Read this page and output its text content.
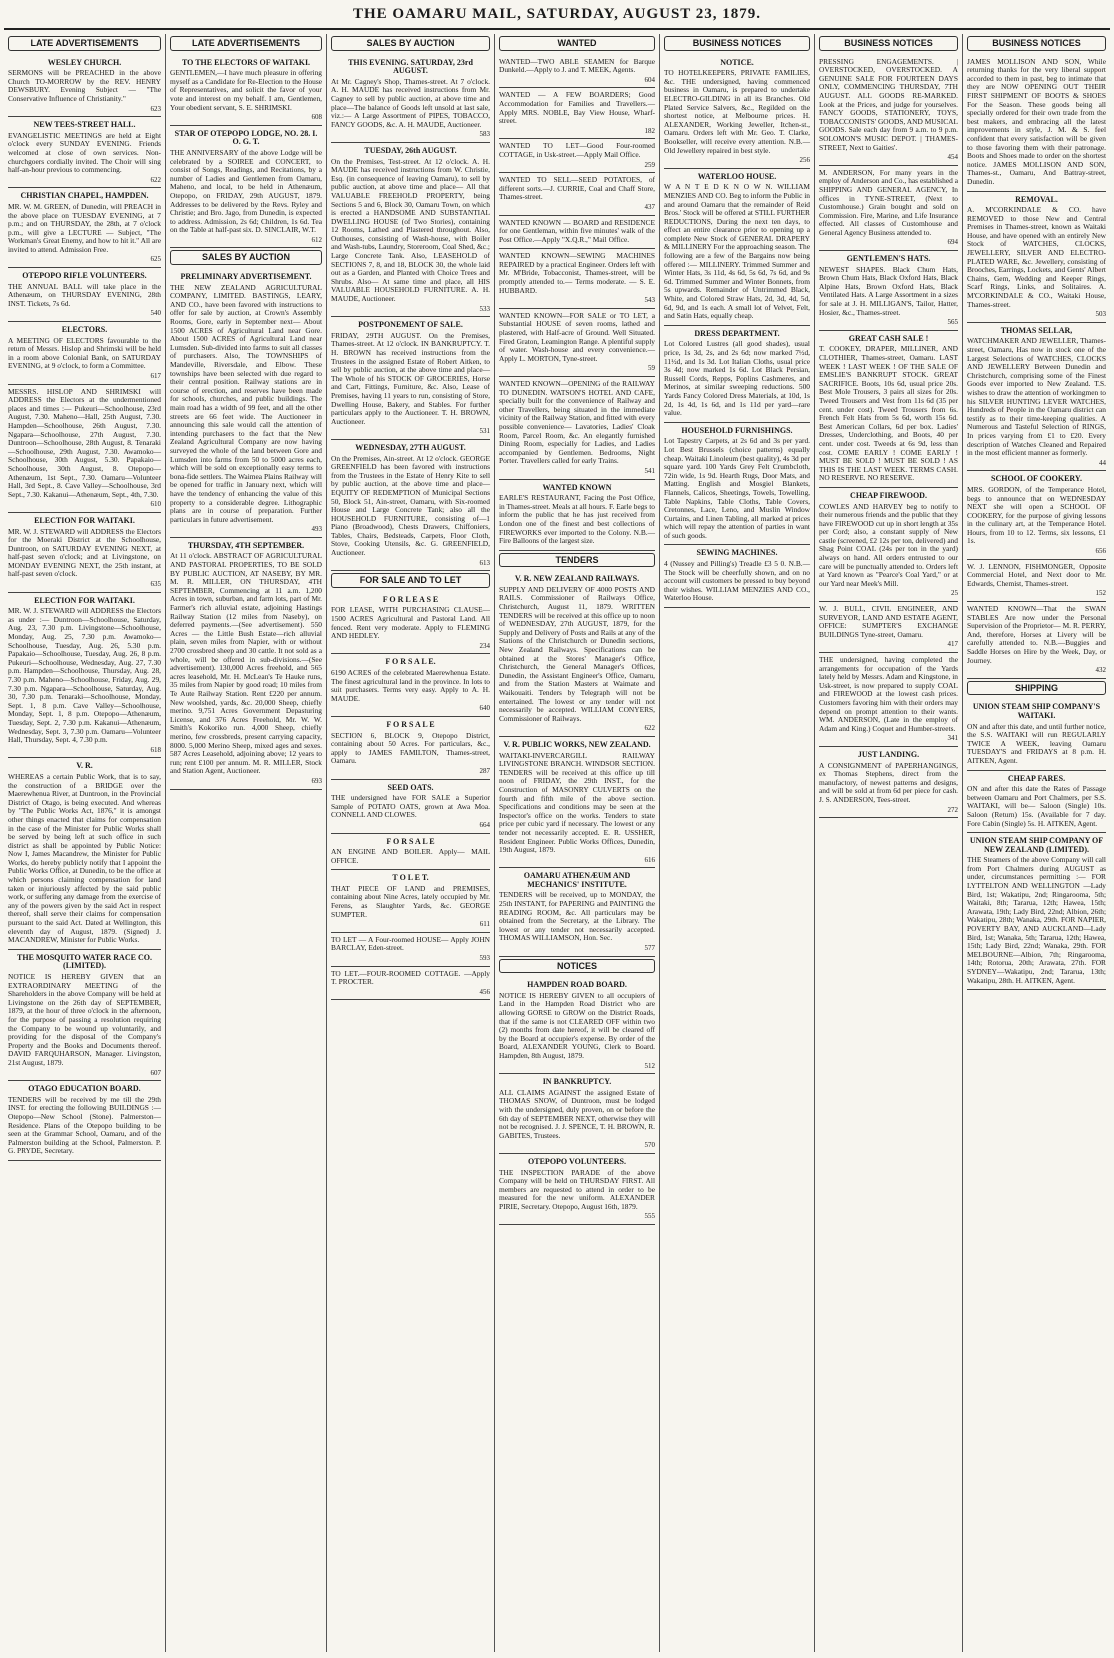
THE OAMARU MAIL, SATURDAY, AUGUST 23, 1879.
LATE ADVERTISEMENTS
WESLEY CHURCH.

SERMONS will be PREACHED in the above Church TO-MORROW by the REV. HENRY DEWSBURY. Evening Subject — "The Conservative Influence of Christianity."

623
NEW TEES-STREET HALL.

EVANGELISTIC MEETINGS are held at Eight o'clock every SUNDAY EVENING. Friends welcomed at close of own services. Non-churchgoers cordially invited. The Choir will sing half-an-hour previous to commencing.

622
CHRISTIAN CHAPEL, HAMPDEN.

MR. W. M. GREEN, of Dunedin, will PREACH in the above place on TUESDAY EVENING, at 7 p.m.; and on THURSDAY, the 28th, at 7 o'clock p.m., will give a LECTURE — Subject, "The Workman's Great Enemy, and how to hit it." All are invited to attend. Admission Free.

625
OTEPOPO RIFLE VOLUNTEERS.

THE ANNUAL BALL will take place in the Athenæum, on THURSDAY EVENING, 28th INST. Tickets, 7s 6d.

540
ELECTORS.

A MEETING OF ELECTORS favourable to the return of Messrs. Hislop and Shrimski will be held in a room above Colonial Bank, on SATURDAY EVENING, at 9 o'clock, to form a Committee.

617

MESSRS. HISLOP AND SHRIMSKI will ADDRESS the Electors at the undermentioned places and times :— Pukeuri—Schoolhouse, 23rd August, 7.30. Maheno—Hall, 25th August, 7.30. Hampden—Schoolhouse, 26th August, 7.30. Ngapara—Schoolhouse, 27th August, 7.30. Duntroon—Schoolhouse, 28th August, 8. Tenaraki—Schoolhouse, 29th August, 7.30. Awamoko—Schoolhouse, 30th August, 5.30. Papakaio—Schoolhouse, 30th August, 8. Otepopo—Athenæum, 1st Sept., 7.30. Oamaru—Volunteer Hall, 3rd Sept., 8. Cave Valley—Schoolhouse, 3rd Sept., 7.30. Kakanui—Athenæum, Sept., 4th, 7.30.

610
ELECTION FOR WAITAKI.

MR. W. J. STEWARD will ADDRESS the Electors for the Moeraki District at the Schoolhouse, Duntroon, on SATURDAY EVENING NEXT, at half-past seven o'clock; and at Livingstone, on MONDAY EVENING NEXT, the 25th instant, at half-past seven o'clock.

635
ELECTION FOR WAITAKI.

MR. W. J. STEWARD will ADDRESS the Electors as under :— Duntroon—Schoolhouse, Saturday, Aug. 23, 7.30 p.m. Livingstone—Schoolhouse, Monday, Aug. 25, 7.30 p.m. Awamoko—Schoolhouse, Tuesday, Aug. 26, 5.30 p.m. Papakaio—Schoolhouse, Tuesday, Aug. 26, 8 p.m. Pukeuri—Schoolhouse, Wednesday, Aug. 27, 7.30 p.m. Hampden—Schoolhouse, Thursday, Aug. 28, 7.30 p.m. Maheno—Schoolhouse, Friday, Aug. 29, 7.30 p.m. Ngapara—Schoolhouse, Saturday, Aug. 30, 7.30 p.m. Tenaraki—Schoolhouse, Monday, Sept. 1, 8 p.m. Cave Valley—Schoolhouse, Monday, Sept. 1, 8 p.m. Otepopo—Athenæum, Tuesday, Sept. 2, 7.30 p.m. Kakanui—Athenæum, Wednesday, Sept. 3, 7.30 p.m. Oamaru—Volunteer Hall, Thursday, Sept. 4, 7.30 p.m.

618
V. R.

WHEREAS a certain Public Work, that is to say, the construction of a BRIDGE over the Maerewhenua River, at Duntroon, in the Provincial District of Otago, is being executed. And whereas by "The Public Works Act, 1876," it is amongst other things enacted that claims for compensation in the case of the Minister for Public Works shall be served by being left at such office in such district as shall be appointed by Public Notice: Now I, James Macandrew, the Minister for Public Works, do hereby publicly notify that I appoint the Public Works Office, at Dunedin, to be the office at which persons claiming compensation for land taken or injuriously affected by the said public work, or suffering any damage from the exercise of any of the powers given by the said Act in respect thereof, shall serve their claims for compensation pursuant to the said Act. Dated at Wellington, this eleventh day of August, 1879. (Signed) J. MACANDREW, Minister for Public Works.

THE MOSQUITO WATER RACE CO. (LIMITED).

NOTICE IS HEREBY GIVEN that an EXTRAORDINARY MEETING of the Shareholders in the above Company will be held at Livingstone on the 26th day of SEPTEMBER, 1879, at the hour of three o'clock in the afternoon, for the purpose of passing a resolution requiring the Company to be wound up voluntarily, and providing for the disposal of the Company's Property and the Books and Documents thereof. DAVID FARQUHARSON, Manager. Livingston, 21st August, 1879.

607
OTAGO EDUCATION BOARD.

TENDERS will be received by me till the 29th INST. for erecting the following BUILDINGS :— Otepopo—New School (Stone). Palmerston—Residence. Plans of the Otepopo building to be seen at the Grammar School, Oamaru, and of the Palmerston building at the School, Palmerston. P. G. PRYDE, Secretary.

LATE ADVERTISEMENTS
TO THE ELECTORS OF WAITAKI.

GENTLEMEN,—I have much pleasure in offering myself as a Candidate for Re-Election to the House of Representatives, and solicit the favor of your vote and interest on my behalf. I am, Gentlemen, Your obedient servant, S. E. SHRIMSKI.

608
STAR OF OTEPOPO LODGE, NO. 28. I. O. G. T.

THE ANNIVERSARY of the above Lodge will be celebrated by a SOIREE and CONCERT, to consist of Songs, Readings, and Recitations, by a number of Ladies and Gentlemen from Oamaru, Maheno, and local, to be held in Athenæum, Otepopo, on FRIDAY, 29th AUGUST, 1879. Addresses to be delivered by the Revs. Ryley and Christie; and Bro. Jago, from Dunedin, is expected to address. Admission, 2s 6d; Children, 1s 6d. Tea on the Table at half-past six. D. SINCLAIR, W.T.

612
SALES BY AUCTION
PRELIMINARY ADVERTISEMENT.

THE NEW ZEALAND AGRICULTURAL COMPANY, LIMITED. BASTINGS, LEARY, AND CO., have been favored with instructions to offer for sale by auction, at Crown's Assembly Rooms, Gore, early in September next— About 1500 ACRES of Agricultural Land near Gore. About 1500 ACRES of Agricultural Land near Lumsden. Sub-divided into farms to suit all classes of purchasers. Also, The TOWNSHIPS of Mandeville, Riversdale, and Elbow. These townships have been selected with due regard to their central position. Railway stations are in course of erection, and reserves have been made for schools, churches, and public buildings. The main road has a width of 99 feet, and all the other streets are 66 feet wide. The Auctioneer in announcing this sale would call the attention of intending purchasers to the fact that the New Zealand Agricultural Company are now having surveyed the whole of the land between Gore and Lumsden into farms from 50 to 5000 acres each, which will be sold on exceptionally easy terms to bona-fide settlers. The Waimea Plains Railway will be opened for traffic in January next, which will have the tendency of enhancing the value of this property to a considerable degree. Lithographic plans are in course of preparation. Further particulars in future advertisement.

493
THURSDAY, 4TH SEPTEMBER.

At 11 o'clock. ABSTRACT OF AGRICULTURAL AND PASTORAL PROPERTIES, TO BE SOLD BY PUBLIC AUCTION, AT NASEBY, BY MR. M. R. MILLER, ON THURSDAY, 4TH SEPTEMBER, Commencing at 11 a.m. 1,200 Acres in town, suburban, and farm lots, part of Mr. Farmer's rich alluvial estate, adjoining Hastings Railway Station (12 miles from Naseby), on deferred payments.—(See advertisement). 550 Acres — the Little Bush Estate—rich alluvial plain, seven miles from Napier, with or without 2700 crossbred sheep and 30 cattle. It not sold as a whole, will be offered in sub-divisions.—(See advertisement). 130,000 Acres freehold, and 565 acres leasehold, Mr. H. McLean's Te Hauke runs, 35 miles from Napier by good road; 10 miles from Te Aute Railway Station. Rent £220 per annum. New woolshed, yards, &c. 20,000 Sheep, chiefly merino. 9,751 Acres Government Depasturing License, and 376 Acres Freehold, Mr. W. W. Smith's Kokoriko run. 4,000 Sheep, chiefly merino, few crossbreds, present carrying capacity, 8000. 5,000 Merino Sheep, mixed ages and sexes. 587 Acres Leasehold, adjoining above; 12 years to run; rent £100 per annum. M. R. MILLER, Stock and Station Agent, Auctioneer.

693
SALES BY AUCTION
THIS EVENING. SATURDAY, 23rd AUGUST.

At Mr. Cagney's Shop, Thames-street. At 7 o'clock. A. H. MAUDE has received instructions from Mr. Cagney to sell by public auction, at above time and place—The balance of Goods left unsold at last sale, viz.:— A Large Assortment of PIPES, TOBACCO, FANCY GOODS, &c. A. H. MAUDE, Auctioneer.

583
TUESDAY, 26th AUGUST.

On the Premises, Test-street. At 12 o'clock. A. H. MAUDE has received instructions from W. Christie, Esq. (in consequence of leaving Oamaru), to sell by public auction, at above time and place— All that VALUABLE FREEHOLD PROPERTY, being Sections 5 and 6, Block 30, Oamaru Town, on which is erected a HANDSOME AND SUBSTANTIAL DWELLING HOUSE (of Two Stories), containing 12 Rooms, Lathed and Plastered throughout. Also, Outhouses, consisting of Wash-house, with Boiler and Wash-tubs, Laundry, Storeroom, Coal Shed, &c.; Large Concrete Tank. Also, LEASEHOLD of SECTIONS 7, 8, and 18, BLOCK 30, the whole laid out as a Garden, and Planted with Choice Trees and Shrubs. Also— At same time and place, all HIS VALUABLE HOUSEHOLD FURNITURE. A. H. MAUDE, Auctioneer.

533
POSTPONEMENT OF SALE.

FRIDAY, 29TH AUGUST. On the Premises, Thames-street. At 12 o'clock. IN BANKRUPTCY. T. H. BROWN has received instructions from the Trustees in the assigned Estate of Robert Aitken, to sell by public auction, at the above time and place— The Whole of his STOCK OF GROCERIES, Horse and Cart, Fittings, Furniture, &c. Also, Lease of Premises, having 11 years to run, consisting of Store, Dwelling House, Bakery, and Stables. For further particulars apply to the Auctioneer. T. H. BROWN, Auctioneer.

531
WEDNESDAY, 27TH AUGUST.

On the Premises, Ain-street. At 12 o'clock. GEORGE GREENFIELD has been favored with instructions from the Trustees in the Estate of Henry Kite to sell by public auction, at the above time and place— EQUITY OF REDEMPTION of Municipal Sections 50, Block 51, Ain-street, Oamaru, with Six-roomed House and Large Concrete Tank; also all the HOUSEHOLD FURNITURE, consisting of—1 Piano (Broadwood), Chests Drawers, Chiffoniers, Tables, Chairs, Bedsteads, Carpets, Floor Cloth, Stove, Cooking Utensils, &c. G. GREENFIELD, Auctioneer.

613
FOR SALE AND TO LET
F O R L E A S E

FOR LEASE, WITH PURCHASING CLAUSE— 1500 ACRES Agricultural and Pastoral Land. All fenced. Rent very moderate. Apply to FLEMING AND HEDLEY.

234
F O R S A L E.

6190 ACRES of the celebrated Maerewhenua Estate. The finest agricultural land in the province. In lots to suit purchasers. Terms very easy. Apply to A. H. MAUDE.

640
F O R S A L E

SECTION 6, BLOCK 9, Otepopo District, containing about 50 Acres. For particulars, &c., apply to JAMES FAMILTON, Thames-street, Oamaru.

287
SEED OATS.

THE undersigned have FOR SALE a Superior Sample of POTATO OATS, grown at Awa Moa. CONNELL AND CLOWES.

664
F O R S A L E

AN ENGINE AND BOILER. Apply— MAIL OFFICE.

T O L E T.

THAT PIECE OF LAND and PREMISES, containing about Nine Acres, lately occupied by Mr. Ferens, as Slaughter Yards, &c. GEORGE SUMPTER.

611

TO LET — A Four-roomed HOUSE— Apply JOHN BARCLAY, Eden-street.

593

TO LET.—FOUR-ROOMED COTTAGE. —Apply T. PROCTER.

456
WANTED

WANTED—TWO ABLE SEAMEN for Barque Dunkeld.—Apply to J. and T. MEEK, Agents.

604

WANTED — A FEW BOARDERS; Good Accommodation for Families and Travellers.—Apply MRS. NOBLE, Bay View House, Wharf-street.

182

WANTED TO LET—Good Four-roomed COTTAGE, in Usk-street.—Apply Mail Office.

259

WANTED TO SELL—SEED POTATOES, of different sorts.—J. CURRIE, Coal and Chaff Store, Thames-street.

437

WANTED KNOWN — BOARD and RESIDENCE for one Gentleman, within five minutes' walk of the Post Office.—Apply "X.Q.R.," Mail Office.

WANTED KNOWN—SEWING MACHINES REPAIRED by a practical Engineer. Orders left with Mr. M'Bride, Tobacconist, Thames-street, will be promptly attended to.— Terms moderate. — S. E. HUBBARD.

543

WANTED KNOWN—FOR SALE or TO LET, a Substantial HOUSE of seven rooms, lathed and plastered, with Half-acre of Ground. Well Situated. Fired Graton, Leamington Range. A plentiful supply of water. Wash-house and every convenience.—Apply L. MORTON, Tyne-street.

59

WANTED KNOWN—OPENING of the RAILWAY TO DUNEDIN. WATSON'S HOTEL AND CAFE, specially built for the convenience of Railway and other Travellers, being situated in the immediate vicinity of the Railway Station, and fitted with every possible convenience— Lavatories, Ladies' Cloak Room, Parcel Room, &c. An elegantly furnished Dining Room, especially for Ladies, and Ladies accompanied by Gentlemen. Bedrooms, Night Porter. Travellers called for early Trains.

541
WANTED KNOWN

EARLE'S RESTAURANT, Facing the Post Office, in Thames-street. Meals at all hours. F. Earle begs to inform the public that he has just received from London one of the finest and best collections of FIREWORKS ever imported to the Colony. N.B.—Fire Balloons of the largest size.

TENDERS
V. R. NEW ZEALAND RAILWAYS.

SUPPLY AND DELIVERY OF 4000 POSTS AND RAILS. Commissioner of Railways Office, Christchurch, August 11, 1879. WRITTEN TENDERS will be received at this office up to noon of WEDNESDAY, 27th AUGUST, 1879, for the Supply and Delivery of Posts and Rails at any of the Stations of the Christchurch or Dunedin sections, New Zealand Railways. Specifications can be obtained at the Stores' Manager's Office, Christchurch, the General Manager's Offices, Dunedin, the Assistant Engineer's Office, Oamaru, and from the Station Masters at Waimate and Waikouaiti. Tenders by Telegraph will not be entertained. The lowest or any tender will not necessarily be accepted. WILLIAM CONYERS, Commissioner of Railways.

622
V. R. PUBLIC WORKS, NEW ZEALAND.

WAITAKI-INVERCARGILL RAILWAY LIVINGSTONE BRANCH. WINDSOR SECTION. TENDERS will be received at this office up till noon of FRIDAY, the 29th INST., for the Construction of MASONRY CULVERTS on the fourth and fifth mile of the above section. Specifications and conditions may be seen at the Inspector's office on the works. Tenders to state price per cubic yard if necessary. The lowest or any tender not necessarily accepted. E. R. USSHER, Resident Engineer. Public Works Offices, Dunedin, 19th August, 1879.

616
OAMARU ATHENÆUM AND MECHANICS' INSTITUTE.

TENDERS will be received, up to MONDAY, the 25th INSTANT, for PAPERING and PAINTING the READING ROOM, &c. All particulars may be obtained from the Secretary, at the Library. The lowest or any tender not necessarily accepted. THOMAS WILLIAMSON, Hon. Sec.

577
NOTICES
HAMPDEN ROAD BOARD.

NOTICE IS HEREBY GIVEN to all occupiers of Land in the Hampden Road District who are allowing GORSE to GROW on the District Roads, that if the same is not CLEARED OFF within two (2) months from date hereof, it will be cleared off by the Board at occupier's expense. By order of the Board, ALEXANDER YOUNG, Clerk to Board. Hampden, 8th August, 1879.

512
IN BANKRUPTCY.

ALL CLAIMS AGAINST the assigned Estate of THOMAS SNOW, of Duntroon, must be lodged with the undersigned, duly proven, on or before the 6th day of SEPTEMBER NEXT, otherwise they will not be recognised. J. J. SPENCE, T. H. BROWN, R. GABITES, Trustees.

570
OTEPOPO VOLUNTEERS.

THE INSPECTION PARADE of the above Company will be held on THURSDAY FIRST. All members are requested to attend in order to be measured for the new uniform. ALEXANDER PIRIE, Secretary. Otepopo, August 16th, 1879.

555
BUSINESS NOTICES
NOTICE.

TO HOTELKEEPERS, PRIVATE FAMILIES, &c. THE undersigned, having commenced business in Oamaru, is prepared to undertake ELECTRO-GILDING in all its Branches. Old Plated Service Salvers, &c., Regilded on the shortest notice, at Melbourne prices. H. ALEXANDER, Working Jeweller, Itchen-st., Oamaru. Orders left with Mr. Geo. T. Clarke, Bookseller, will receive every attention. N.B.—Old Jewellery repaired in best style.

256
WATERLOO HOUSE.

W A N T E D K N O W N. WILLIAM MENZIES AND CO. Beg to inform the Public in and around Oamaru that the remainder of Reid Bros.' Stock will be offered at STILL FURTHER REDUCTIONS, During the next ten days, to effect an entire clearance prior to opening up a complete New Stock of GENERAL DRAPERY & MILLINERY For the approaching season. The following are a few of the Bargains now being offered :— MILLINERY. Trimmed Summer and Winter Hats, 3s 11d, 4s 6d, 5s 6d, 7s 6d, and 9s 6d. Trimmed Summer and Winter Bonnets, from 5s upwards. Remainder of Untrimmed Black, White, and Colored Straw Hats, 2d, 3d, 4d, 5d, 6d, 9d, and 1s each. A small lot of Velvet, Felt, and Satin Hats, equally cheap.

DRESS DEPARTMENT.

Lot Colored Lustres (all good shades), usual price, 1s 3d, 2s, and 2s 6d; now marked 7½d, 11½d, and 1s 3d. Lot Italian Cloths, usual price 3s 4d; now marked 1s 6d. Lot Black Persian, Russell Cords, Repps, Poplins Cashmeres, and Merinos, at similar sweeping reductions. 500 Yards Fancy Colored Dress Materials, at 10d, 1s 2d, 1s 4d, 1s 6d, and 1s 11d per yard—rare value.

HOUSEHOLD FURNISHINGS.

Lot Tapestry Carpets, at 2s 6d and 3s per yard. Lot Best Brussels (choice patterns) equally cheap. Waitaki Linoleum (best quality), 4s 3d per square yard. 100 Yards Grey Felt Crumbcloth, 72in wide, 1s 9d. Hearth Rugs, Door Mats, and Matting. English and Mosgiel Blankets, Flannels, Calicos, Sheetings, Towels, Towelling, Table Napkins, Table Cloths, Table Covers, Cretonnes, Lace, Leno, and Muslin Window Curtains, and Linen Tabling, all marked at prices which will repay the attention of parties in want of such goods.

SEWING MACHINES.

4 (Nussey and Pilling's) Treadle £3 5 0. N.B.—The Stock will be cheerfully shown, and on no account will customers be pressed to buy beyond their wishes. WILLIAM MENZIES AND CO., Waterloo House.

BUSINESS NOTICES

PRESSING ENGAGEMENTS. | OVERSTOCKED, OVERSTOCKED. A GENUINE SALE FOR FOURTEEN DAYS ONLY, COMMENCING THURSDAY, 7TH AUGUST. ALL GOODS RE-MARKED. Look at the Prices, and judge for yourselves. FANCY GOODS, STATIONERY, TOYS, TOBACCONISTS' GOODS, AND MUSICAL GOODS. Sale each day from 9 a.m. to 9 p.m. SOLOMON'S MUSIC DEPOT. | THAMES-STREET, Next to Gaities'.

454

M. ANDERSON, For many years in the employ of Anderson and Co., has established a SHIPPING AND GENERAL AGENCY, In offices in TYNE-STREET, (Next to Customhouse.) Grain bought and sold on Commission. Fire, Marine, and Life Insurance effected. All classes of Customhouse and General Agency Business attended to.

694
GENTLEMEN'S HATS.

NEWEST SHAPES. Black Chum Hats, Brown Chum Hats, Black Oxford Hats, Black Alpine Hats, Brown Oxford Hats, Black Ventilated Hats. A Large Assortment in a sizes for sale at J. H. MILLIGAN'S, Tailor, Hatter, Hosier, &c., Thames-street.

565
GREAT CASH SALE !

T. COOKEY, DRAPER, MILLINER, AND CLOTHIER, Thames-street, Oamaru. LAST WEEK ! LAST WEEK ! OF THE SALE OF EMSLIE'S BANKRUPT STOCK. GREAT SACRIFICE. Boots, 10s 6d, usual price 20s. Best Mole Trousers, 3 pairs all sizes for 20s. Tweed Trousers and Vest from 11s 6d (35 per cent. under cost). Tweed Trousers from 6s. French Felt Hats from 5s 6d, worth 15s 6d. Best American Collars, 6d per box. Ladies' Dresses, Underclothing, and Boots, 40 per cent. under cost. Tweeds at 6s 9d, less than cost. COME EARLY ! COME EARLY ! MUST BE SOLD ! MUST BE SOLD ! AS THIS IS THE LAST WEEK. TERMS CASH. NO RESERVE. NO RESERVE.

CHEAP FIREWOOD.

COWLES AND HARVEY beg to notify to their numerous friends and the public that they have FIREWOOD cut up in short length at 35s per Cord; also, a constant supply of New castle (screened, £2 12s per ton, delivered) and Shag Point COAL (24s per ton in the yard) always on hand. All orders entrusted to our care will be punctually attended to. Orders left at Yard known as "Pearce's Coal Yard," or at our Yard near Meek's Mill.

25

W. J. BULL, CIVIL ENGINEER, AND SURVEYOR, LAND AND ESTATE AGENT, OFFICE: SUMPTER'S EXCHANGE BUILDINGS Tyne-street, Oamaru.

417

THE undersigned, having completed the arrangements for occupation of the Yards lately held by Messrs. Adam and Kingstone, in Usk-street, is now prepared to supply COAL and FIREWOOD at the lowest cash prices. Customers favoring him with their orders may depend on prompt attention to their wants. WM. ANDERSON, (Late in the employ of Adam and King.) Coquet and Humber-streets.

341
JUST LANDING.

A CONSIGNMENT of PAPERHANGINGS, ex Thomas Stephens, direct from the manufactory, of newest patterns and designs, and will be sold at from 6d per piece for cash. J. S. ANDERSON, Tees-street.

272
BUSINESS NOTICES

JAMES MOLLISON AND SON, While returning thanks for the very liberal support accorded to them in past, beg to intimate that they are NOW OPENING OUT THEIR FIRST SHIPMENT OF BOOTS & SHOES For the Season. These goods being all specially ordered for their own trade from the best makers, and embracing all the latest improvements in style, J. M. & S. feel confident that every satisfaction will be given to those favoring them with their patronage. Boots and Shoes made to order on the shortest notice. JAMES MOLLISON AND SON, Thames-st., Oamaru, And Battray-street, Dunedin.

REMOVAL.

A. M'CORKINDALE & CO. have REMOVED to those New and Central Premises in Thames-street, known as Waitaki House, and have opened with an entirely New Stock of WATCHES, CLOCKS, JEWELLERY, SILVER AND ELECTRO-PLATED WARE, &c. Jewellery, consisting of Brooches, Earrings, Lockets, and Gents' Albert Chains, Gem, Wedding and Keeper Rings, Scarf Rings, Links, and Solitaires. A. M'CORKINDALE & CO., Waitaki House, Thames-street.

503
THOMAS SELLAR,

WATCHMAKER AND JEWELLER, Thames-street, Oamaru, Has now in stock one of the Largest Selections of WATCHES, CLOCKS AND JEWELLERY Between Dunedin and Christchurch, comprising some of the Finest Goods ever imported to New Zealand. T.S. wishes to draw the attention of workingmen to his SILVER HUNTING LEVER WATCHES, Hundreds of People in the Oamaru district can testify as to their time-keeping qualities. A Numerous and Tasteful Selection of RINGS, In prices varying from £1 to £20. Every description of Watches Cleaned and Repaired in the most efficient manner as formerly.

44
SCHOOL OF COOKERY.

MRS. GORDON, of the Temperance Hotel, begs to announce that on WEDNESDAY NEXT she will open a SCHOOL OF COOKERY, for the purpose of giving lessons in the culinary art, at the Temperance Hotel. Hours, from 10 to 12. Terms, six lessons, £1 1s.

656

W. J. LENNON, FISHMONGER, Opposite Commercial Hotel, and Next door to Mr. Edwards, Chemist, Thames-street.

152

WANTED KNOWN—That the SWAN STABLES Are now under the Personal Supervision of the Proprietor— M. R. PERRY, And, therefore, Horses at Livery will be carefully attended to. N.B.—Buggies and Saddle Horses on Hire by the Week, Day, or Journey.

432
SHIPPING
UNION STEAM SHIP COMPANY'S WAITAKI.

ON and after this date, and until further notice, the S.S. WAITAKI will run REGULARLY TWICE A WEEK, leaving Oamaru TUESDAY'S and FRIDAYS at 8 p.m. H. AITKEN, Agent.

CHEAP FARES.

ON and after this date the Rates of Passage between Oamaru and Port Chalmers, per S.S. WAITAKI, will be— Saloon (Single) 10s. Saloon (Return) 15s. (Available for 7 day. Fore Cabin (Single) 5s. H. AITKEN, Agent.

UNION STEAM SHIP COMPANY OF NEW ZEALAND (LIMITED).

THE Steamers of the above Company will call from Port Chalmers during AUGUST as under, circumstances permitting :— FOR LYTTELTON AND WELLINGTON —Lady Bird, 1st; Wakatipu, 2nd; Ringarooma, 5th; Waitaki, 8th; Tararua, 12th; Hawea, 15th; Arawata, 19th; Lady Bird, 22nd; Albion, 26th; Wakatipu, 28th; Wanaka, 29th. FOR NAPIER, POVERTY BAY, AND AUCKLAND—Lady Bird, 1st; Wanaka, 5th; Tararua, 12th; Hawea, 15th; Lady Bird, 22nd; Wanaka, 29th. FOR MELBOURNE—Albion, 7th; Ringarooma, 14th; Rotorua, 20th; Arawata, 27th. FOR SYDNEY—Wakatipu, 2nd; Tararua, 13th; Wakatipu, 28th. H. AITKEN, Agent.
